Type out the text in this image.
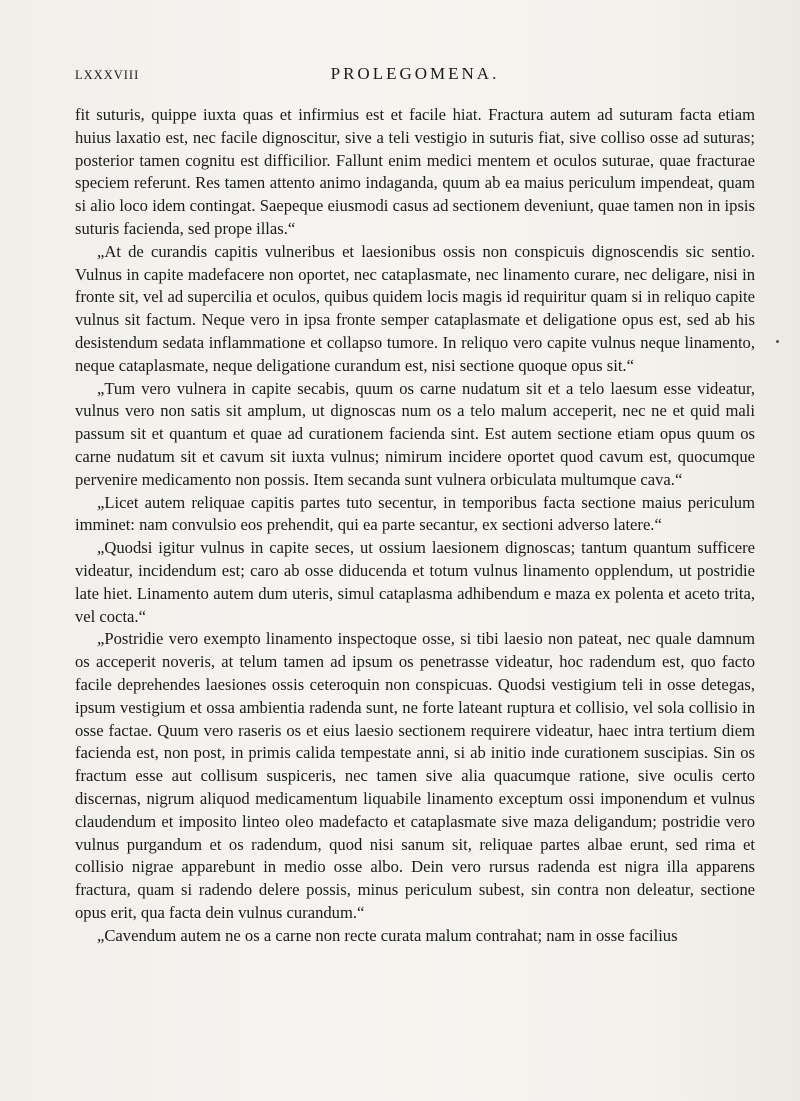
LXXXVIII	PROLEGOMENA.

fit suturis, quippe iuxta quas et infirmius est et facile hiat. Fractura autem ad suturam facta etiam huius laxatio est, nec facile dignoscitur, sive a teli vestigio in suturis fiat, sive colliso osse ad suturas; posterior tamen cognitu est difficilior. Fallunt enim medici mentem et oculos suturae, quae fracturae speciem referunt. Res tamen attento animo indaganda, quum ab ea maius periculum impendeat, quam si alio loco idem contingat. Saepeque eiusmodi casus ad sectionem deveniunt, quae tamen non in ipsis suturis facienda, sed prope illas.“

„At de curandis capitis vulneribus et laesionibus ossis non conspicuis dignoscendis sic sentio. Vulnus in capite madefacere non oportet, nec cataplasmate, nec linamento curare, nec deligare, nisi in fronte sit, vel ad supercilia et oculos, quibus quidem locis magis id requiritur quam si in reliquo capite vulnus sit factum. Neque vero in ipsa fronte semper cataplasmate et deligatione opus est, sed ab his desistendum sedata inflammatione et collapso tumore. In reliquo vero capite vulnus neque linamento, neque cataplasmate, neque deligatione curandum est, nisi sectione quoque opus sit.“

„Tum vero vulnera in capite secabis, quum os carne nudatum sit et a telo laesum esse videatur, vulnus vero non satis sit amplum, ut dignoscas num os a telo malum acceperit, nec ne et quid mali passum sit et quantum et quae ad curationem facienda sint. Est autem sectione etiam opus quum os carne nudatum sit et cavum sit iuxta vulnus; nimirum incidere oportet quod cavum est, quocumque pervenire medicamento non possis. Item secanda sunt vulnera orbiculata multumque cava.“

„Licet autem reliquae capitis partes tuto secentur, in temporibus facta sectione maius periculum imminet: nam convulsio eos prehendit, qui ea parte secantur, ex sectioni adverso latere.“

„Quodsi igitur vulnus in capite seces, ut ossium laesionem dignoscas; tantum quantum sufficere videatur, incidendum est; caro ab osse diducenda et totum vulnus linamento opplendum, ut postridie late hiet. Linamento autem dum uteris, simul cataplasma adhibendum e maza ex polenta et aceto trita, vel cocta.“

„Postridie vero exempto linamento inspectoque osse, si tibi laesio non pateat, nec quale damnum os acceperit noveris, at telum tamen ad ipsum os penetrasse videatur, hoc radendum est, quo facto facile deprehendes laesiones ossis ceteroquin non conspicuas. Quodsi vestigium teli in osse detegas, ipsum vestigium et ossa ambientia radenda sunt, ne forte lateant ruptura et collisio, vel sola collisio in osse factae. Quum vero raseris os et eius laesio sectionem requirere videatur, haec intra tertium diem facienda est, non post, in primis calida tempestate anni, si ab initio inde curationem suscipias. Sin os fractum esse aut collisum suspiceris, nec tamen sive alia quacumque ratione, sive oculis certo discernas, nigrum aliquod medicamentum liquabile linamento exceptum ossi imponendum et vulnus claudendum et imposito linteo oleo madefacto et cataplasmate sive maza deligandum; postridie vero vulnus purgandum et os radendum, quod nisi sanum sit, reliquae partes albae erunt, sed rima et collisio nigrae apparebunt in medio osse albo. Dein vero rursus radenda est nigra illa apparens fractura, quam si radendo delere possis, minus periculum subest, sin contra non deleatur, sectione opus erit, qua facta dein vulnus curandum.“

„Cavendum autem ne os a carne non recte curata malum contrahat; nam in osse facilius
